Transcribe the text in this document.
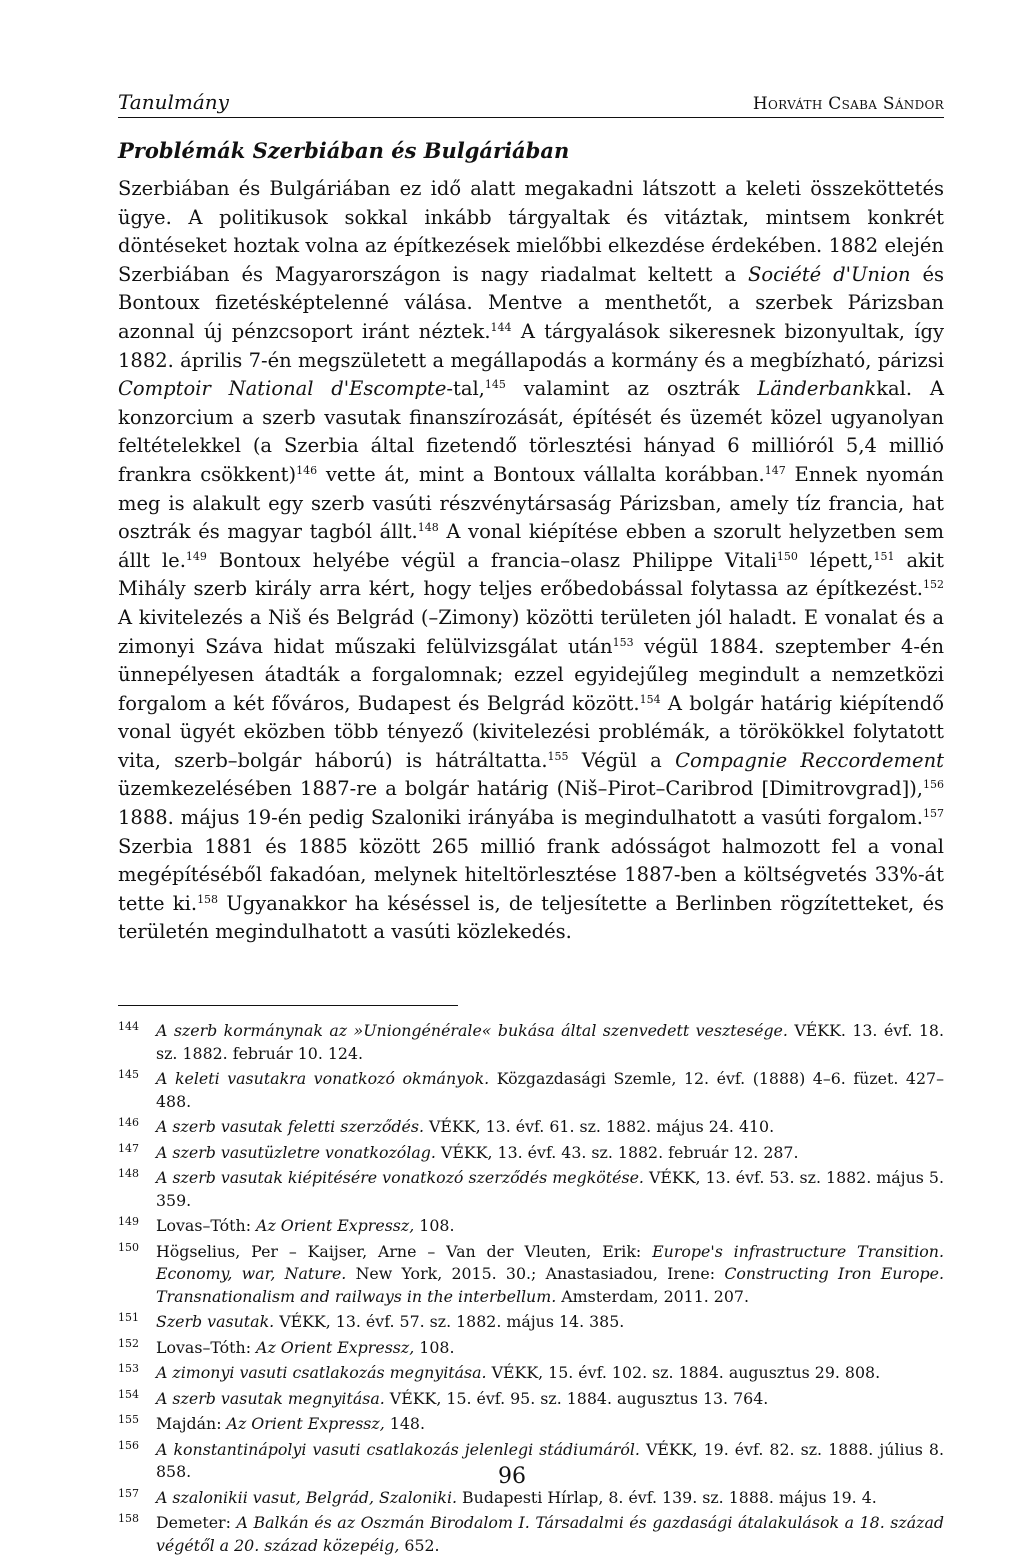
Tanulmány	Horváth Csaba Sándor
Problémák Szerbiában és Bulgáriában

Szerbiában és Bulgáriában ez idő alatt megakadni látszott a keleti összeköttetés ügye. A politikusok sokkal inkább tárgyaltak és vitáztak, mintsem konkrét döntéseket hoztak volna az építkezések mielőbbi elkezdése érdekében. 1882 elején Szerbiában és Magyarországon is nagy riadalmat keltett a Société d'Union és Bontoux fizetésképtelenné válása. Mentve a menthetőt, a szerbek Párizsban azonnal új pénzcsoport iránt néztek.$^{144}$ A tárgyalások sikeresnek bizonyultak, így 1882. április 7-én megszületett a megállapodás a kormány és a megbízható, párizsi Comptoir National d'Escompte-tal,$^{145}$ valamint az osztrák Länderbankkal. A konzorcium a szerb vasutak finanszírozását, építését és üzemét közel ugyanolyan feltételekkel (a Szerbia által fizetendő törlesztési hányad 6 millióról 5,4 millió frankra csökkent)$^{146}$ vette át, mint a Bontoux vállalta korábban.$^{147}$ Ennek nyomán meg is alakult egy szerb vasúti részvénytársaság Párizsban, amely tíz francia, hat osztrák és magyar tagból állt.$^{148}$ A vonal kiépítése ebben a szorult helyzetben sem állt le.$^{149}$ Bontoux helyébe végül a francia–olasz Philippe Vitali$^{150}$ lépett,$^{151}$ akit Mihály szerb király arra kért, hogy teljes erőbedobással folytassa az építkezést.$^{152}$ A kivitelezés a Niš és Belgrád (–Zimony) közötti területen jól haladt. E vonalat és a zimonyi Száva hidat műszaki felülvizsgálat után$^{153}$ végül 1884. szeptember 4-én ünnepélyesen átadták a forgalomnak; ezzel egyidejűleg megindult a nemzetközi forgalom a két főváros, Budapest és Belgrád között.$^{154}$ A bolgár határig kiépítendő vonal ügyét eközben több tényező (kivitelezési problémák, a törökökkel folytatott vita, szerb–bolgár háború) is hátráltatta.$^{155}$ Végül a Compagnie Reccordement üzemkezelésében 1887-re a bolgár határig (Niš–Pirot–Caribrod [Dimitrovgrad]),$^{156}$ 1888. május 19-én pedig Szaloniki irányába is megindulhatott a vasúti forgalom.$^{157}$ Szerbia 1881 és 1885 között 265 millió frank adósságot halmozott fel a vonal megépítéséből fakadóan, melynek hiteltörlesztése 1887-ben a költségvetés 33%-át tette ki.$^{158}$ Ugyanakkor ha késéssel is, de teljesítette a Berlinben rögzítetteket, és területén megindulhatott a vasúti közlekedés.

144	A szerb kormánynak az »Uniongénérale« bukása által szenvedett vesztesége. VÉKK. 13. évf. 18. sz. 1882. február 10. 124.
145	A keleti vasutakra vonatkozó okmányok. Közgazdasági Szemle, 12. évf. (1888) 4–6. füzet. 427–488.
146	A szerb vasutak feletti szerződés. VÉKK, 13. évf. 61. sz. 1882. május 24. 410.
147	A szerb vasutüzletre vonatkozólag. VÉKK, 13. évf. 43. sz. 1882. február 12. 287.
148	A szerb vasutak kiépitésére vonatkozó szerződés megkötése. VÉKK, 13. évf. 53. sz. 1882. május 5. 359.
149	Lovas–Tóth: Az Orient Expressz, 108.
150	Högselius, Per – Kaijser, Arne – Van der Vleuten, Erik: Europe's infrastructure Transition. Economy, war, Nature. New York, 2015. 30.; Anastasiadou, Irene: Constructing Iron Europe. Transnationalism and railways in the interbellum. Amsterdam, 2011. 207.
151	Szerb vasutak. VÉKK, 13. évf. 57. sz. 1882. május 14. 385.
152	Lovas–Tóth: Az Orient Expressz, 108.
153	A zimonyi vasuti csatlakozás megnyitása. VÉKK, 15. évf. 102. sz. 1884. augusztus 29. 808.
154	A szerb vasutak megnyitása. VÉKK, 15. évf. 95. sz. 1884. augusztus 13. 764.
155	Majdán: Az Orient Expressz, 148.
156	A konstantinápolyi vasuti csatlakozás jelenlegi stádiumáról. VÉKK, 19. évf. 82. sz. 1888. július 8. 858.
157	A szalonikii vasut, Belgrád, Szaloniki. Budapesti Hírlap, 8. évf. 139. sz. 1888. május 19. 4.
158	Demeter: A Balkán és az Oszmán Birodalom I. Társadalmi és gazdasági átalakulások a 18. század végétől a 20. század közepéig, 652.
96
